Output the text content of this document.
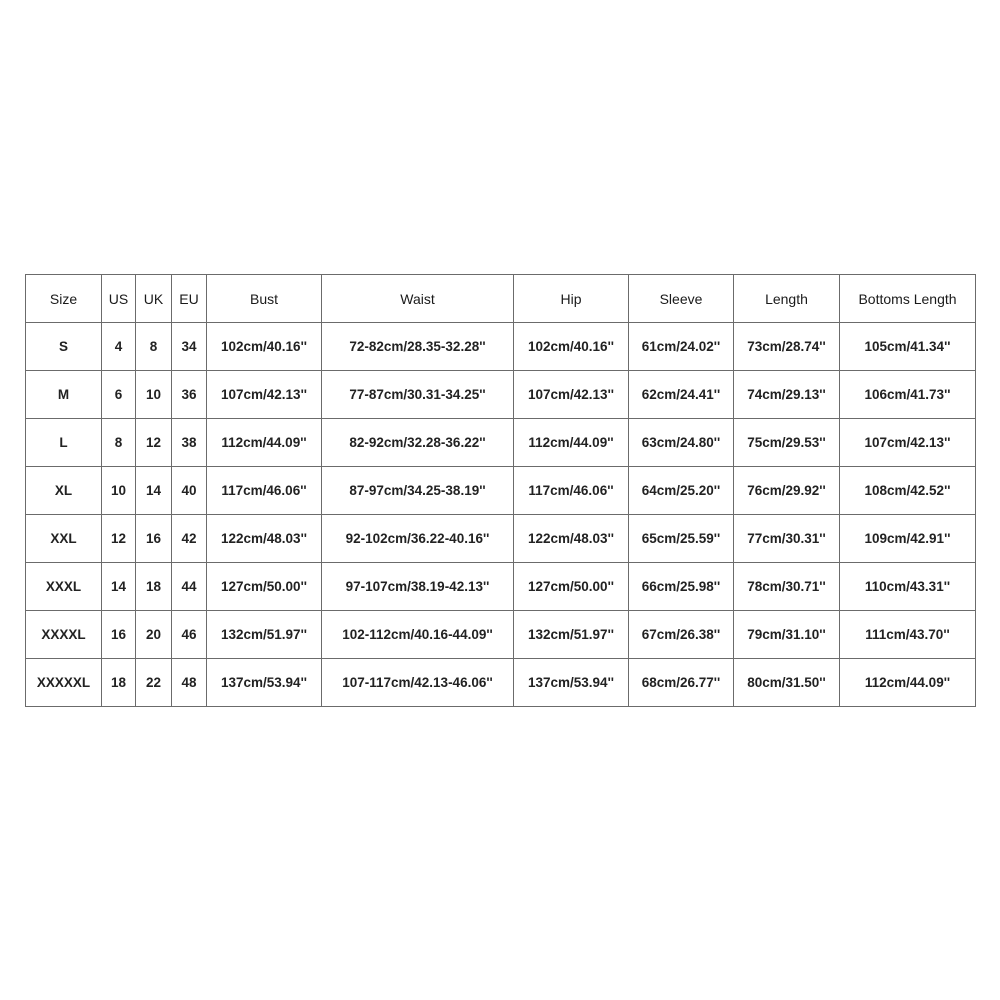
Size	US	UK	EU	Bust	Waist	Hip	Sleeve	Length	Bottoms Length
S	4	8	34	102cm/40.16''	72-82cm/28.35-32.28''	102cm/40.16''	61cm/24.02''	73cm/28.74''	105cm/41.34''
M	6	10	36	107cm/42.13''	77-87cm/30.31-34.25''	107cm/42.13''	62cm/24.41''	74cm/29.13''	106cm/41.73''
L	8	12	38	112cm/44.09''	82-92cm/32.28-36.22''	112cm/44.09''	63cm/24.80''	75cm/29.53''	107cm/42.13''
XL	10	14	40	117cm/46.06''	87-97cm/34.25-38.19''	117cm/46.06''	64cm/25.20''	76cm/29.92''	108cm/42.52''
XXL	12	16	42	122cm/48.03''	92-102cm/36.22-40.16''	122cm/48.03''	65cm/25.59''	77cm/30.31''	109cm/42.91''
XXXL	14	18	44	127cm/50.00''	97-107cm/38.19-42.13''	127cm/50.00''	66cm/25.98''	78cm/30.71''	110cm/43.31''
XXXXL	16	20	46	132cm/51.97''	102-112cm/40.16-44.09''	132cm/51.97''	67cm/26.38''	79cm/31.10''	111cm/43.70''
XXXXXL	18	22	48	137cm/53.94''	107-117cm/42.13-46.06''	137cm/53.94''	68cm/26.77''	80cm/31.50''	112cm/44.09''
